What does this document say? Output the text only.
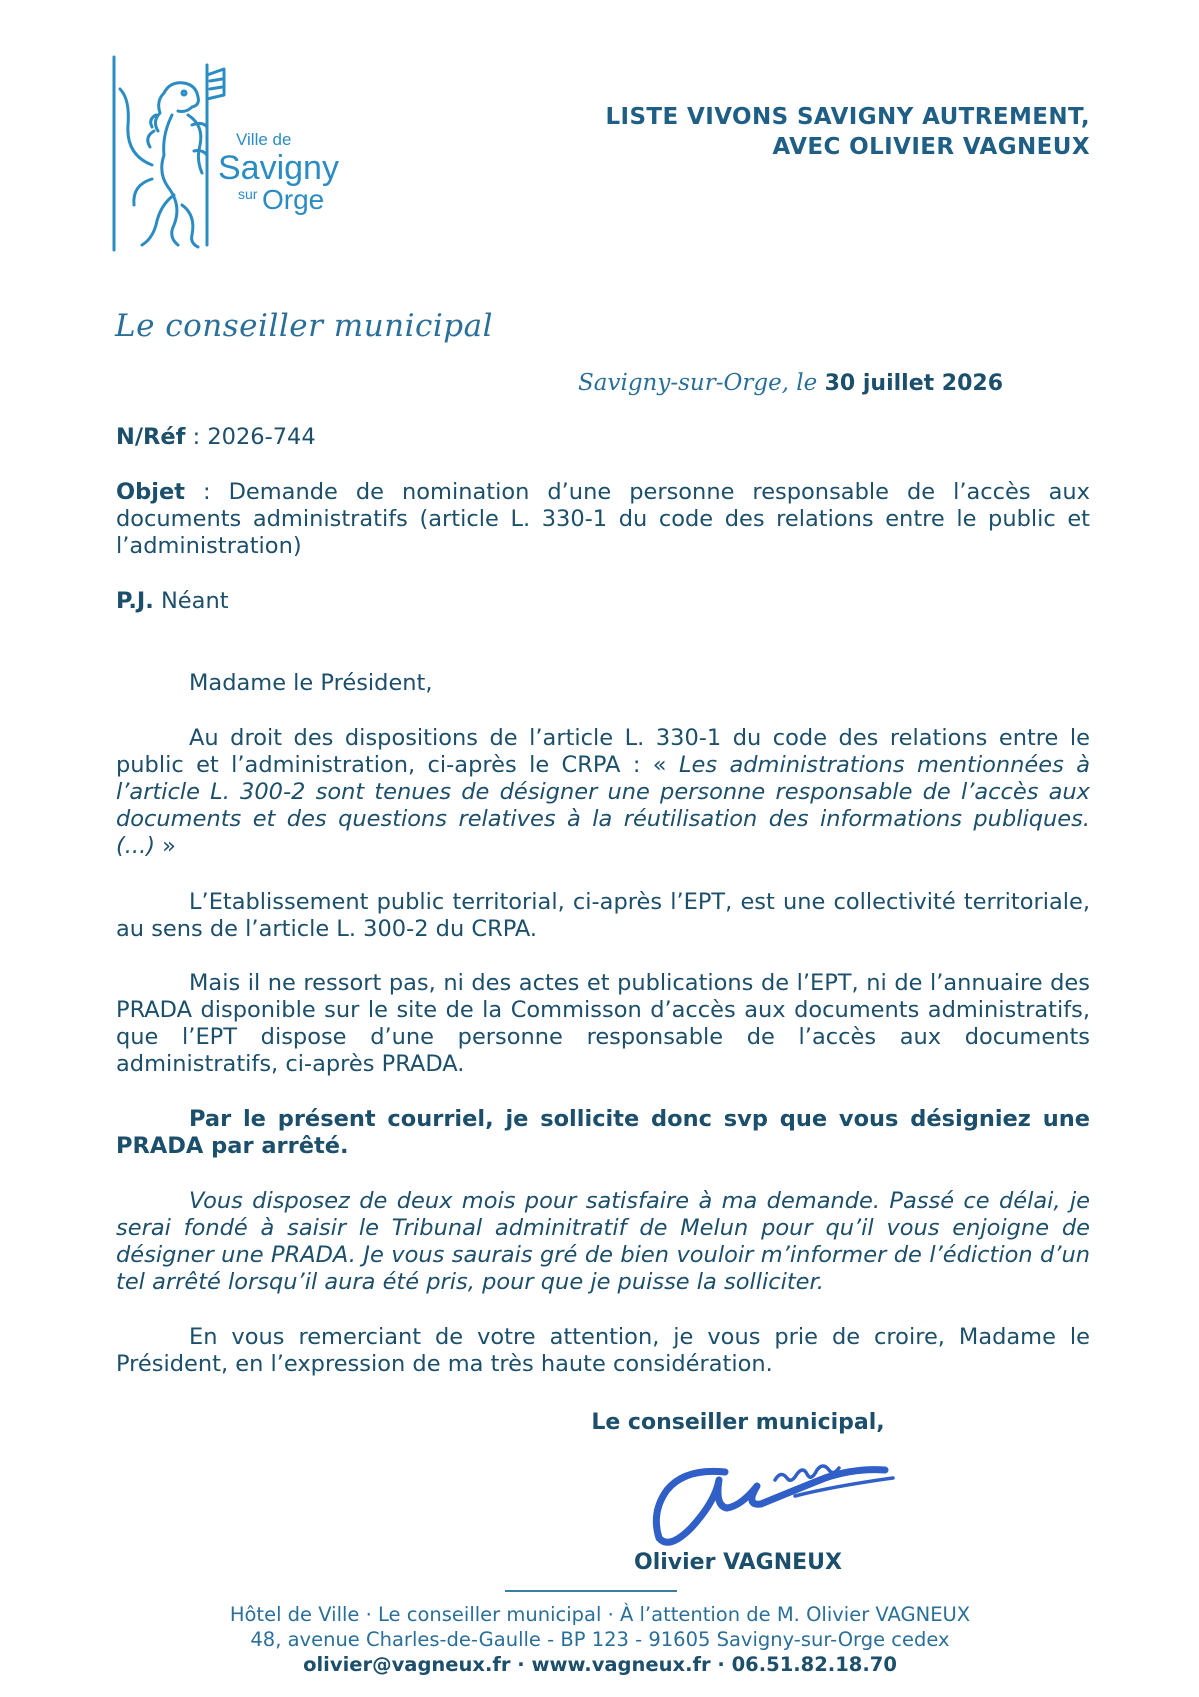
Ville de
Savigny
sur Orge
LISTE VIVONS SAVIGNY AUTREMENT,
AVEC OLIVIER VAGNEUX
Le conseiller municipal
Savigny-sur-Orge, le 30 juillet 2026
N/Réf : 2026-744
Objet : Demande de nomination d’une personne responsable de l’accès aux documents administratifs (article L. 330-1 du code des relations entre le public et l’administration)
P.J. Néant
Madame le Président,
Au droit des dispositions de l’article L. 330-1 du code des relations entre le public et l’administration, ci-après le CRPA : « Les administrations mentionnées à l’article L. 300-2 sont tenues de désigner une personne responsable de l’accès aux documents et des questions relatives à la réutilisation des informations publiques. (...) »
L’Etablissement public territorial, ci-après l’EPT, est une collectivité territoriale, au sens de l’article L. 300-2 du CRPA.
Mais il ne ressort pas, ni des actes et publications de l’EPT, ni de l’annuaire des PRADA disponible sur le site de la Commisson d’accès aux documents administratifs, que l’EPT dispose d’une personne responsable de l’accès aux documents administratifs, ci-après PRADA.
Par le présent courriel, je sollicite donc svp que vous désigniez une PRADA par arrêté.
Vous disposez de deux mois pour satisfaire à ma demande. Passé ce délai, je serai fondé à saisir le Tribunal adminitratif de Melun pour qu’il vous enjoigne de désigner une PRADA. Je vous saurais gré de bien vouloir m’informer de l’édiction d’un tel arrêté lorsqu’il aura été pris, pour que je puisse la solliciter.
En vous remerciant de votre attention, je vous prie de croire, Madame le Président, en l’expression de ma très haute considération.
Le conseiller municipal,
Olivier VAGNEUX
Hôtel de Ville · Le conseiller municipal · À l’attention de M. Olivier VAGNEUX
48, avenue Charles-de-Gaulle - BP 123 - 91605 Savigny-sur-Orge cedex
olivier@vagneux.fr · www.vagneux.fr · 06.51.82.18.70
